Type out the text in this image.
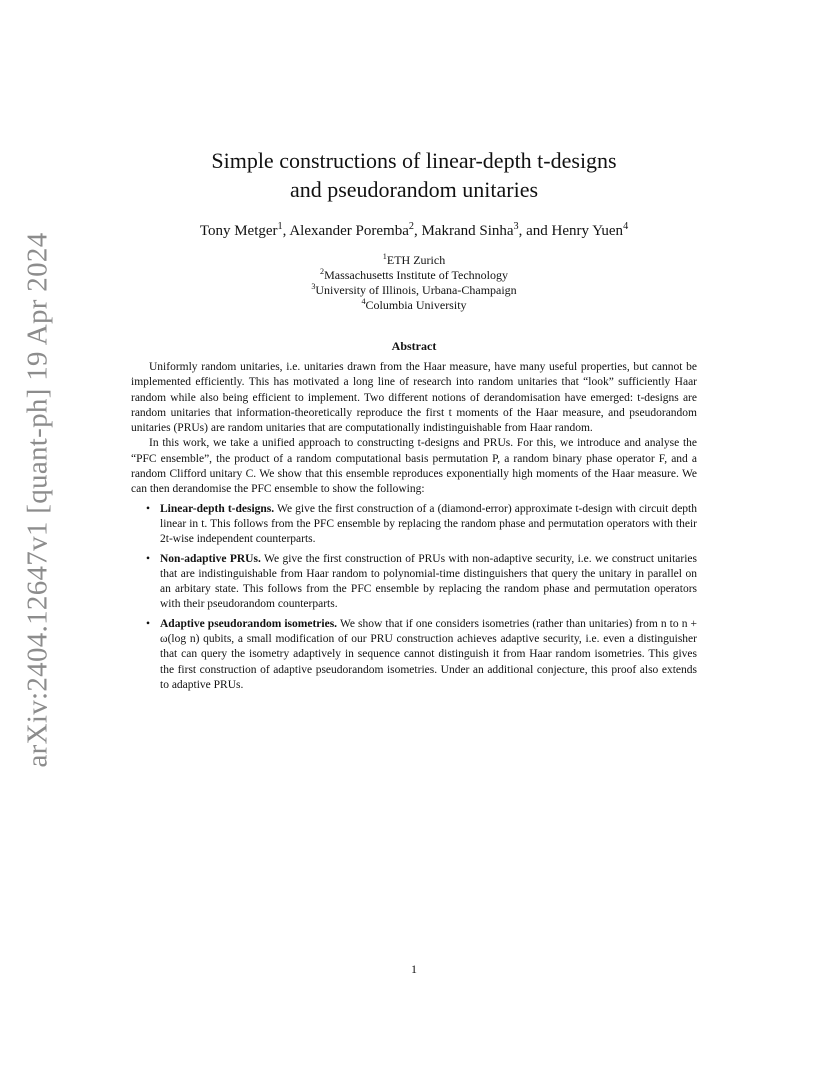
arXiv:2404.12647v1 [quant-ph] 19 Apr 2024
Simple constructions of linear-depth t-designs
and pseudorandom unitaries
Tony Metger$^1$, Alexander Poremba$^2$, Makrand Sinha$^3$, and Henry Yuen$^4$
$^1$ETH Zurich
$^2$Massachusetts Institute of Technology
$^3$University of Illinois, Urbana-Champaign
$^4$Columbia University
Abstract

Uniformly random unitaries, i.e. unitaries drawn from the Haar measure, have many useful properties, but cannot be implemented efficiently. This has motivated a long line of research into random unitaries that “look” sufficiently Haar random while also being efficient to implement. Two different notions of derandomisation have emerged: t-designs are random unitaries that information-theoretically reproduce the first t moments of the Haar measure, and pseudorandom unitaries (PRUs) are random unitaries that are computationally indistinguishable from Haar random.

In this work, we take a unified approach to constructing t-designs and PRUs. For this, we introduce and analyse the “PFC ensemble”, the product of a random computational basis permutation P, a random binary phase operator F, and a random Clifford unitary C. We show that this ensemble reproduces exponentially high moments of the Haar measure. We can then derandomise the PFC ensemble to show the following:

• Linear-depth t-designs. We give the first construction of a (diamond-error) approximate t-design with circuit depth linear in t. This follows from the PFC ensemble by replacing the random phase and permutation operators with their 2t-wise independent counterparts.
• Non-adaptive PRUs. We give the first construction of PRUs with non-adaptive security, i.e. we construct unitaries that are indistinguishable from Haar random to polynomial-time distinguishers that query the unitary in parallel on an arbitary state. This follows from the PFC ensemble by replacing the random phase and permutation operators with their pseudorandom counterparts.
• Adaptive pseudorandom isometries. We show that if one considers isometries (rather than unitaries) from n to n + ω(log n) qubits, a small modification of our PRU construction achieves adaptive security, i.e. even a distinguisher that can query the isometry adaptively in sequence cannot distinguish it from Haar random isometries. This gives the first construction of adaptive pseudorandom isometries. Under an additional conjecture, this proof also extends to adaptive PRUs.
1
